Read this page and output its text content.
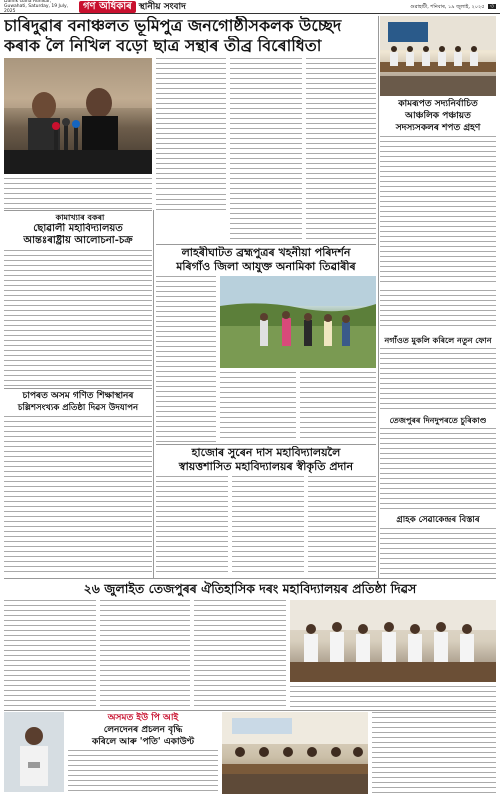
Dainik Gana Adhikar, Guwahati, Saturday, 19 July, 2025	গণ অধিকাৰ স্থানীয় সংবাদ	গুৱাহাটী, শনিবাৰ, ১৯ জুলাই, ২০২৫ ৩
চাৰিদুৱাৰ বনাঞ্চলত ভূমিপুত্ৰ জনগোষ্ঠীসকলক উচ্ছেদ
কৰাক লৈ নিখিল বড়ো ছাত্ৰ সন্থাৰ তীব্ৰ বিৰোধিতা
কামৰূপত সদ্যনিৰ্বাচিত
আঞ্চলিক পঞ্চায়ত
সদস্যসকলৰ শপত গ্ৰহণ
কামাখ্যাৰ বকৰা
ছোৱালী মহাবিদ্যালয়ত
আন্তঃৰাষ্ট্ৰীয় আলোচনা-চক্ৰ
চাপৰত অসম গণিত শিক্ষাস্থানৰ
চল্লিশসংখ্যক প্ৰতিষ্ঠা দিৱস উদযাপন
লাহৰীঘাটত ব্ৰহ্মপুত্ৰৰ খহনীয়া পৰিদৰ্শন
মৰিগাঁও জিলা আযুক্ত অনামিকা তিৱাৰীৰ
নগাঁওত মুকলি কৰিলে নতুন ফোন
তেজপুৰৰ দিনদুপৰতে চুৰিকাণ্ড
গ্ৰাহক সেৱাকেন্দ্ৰৰ বিস্তাৰ
হাজোৰ সুৰেন দাস মহাবিদ্যালয়লৈ
স্বায়ত্তশাসিত মহাবিদ্যালয়ৰ স্বীকৃতি প্ৰদান
২৬ জুলাইত তেজপুৰৰ ঐতিহাসিক দৰং মহাবিদ্যালয়ৰ প্ৰতিষ্ঠা দিৱস
অসমত ইউ পি আই
লেনদেনৰ প্ৰচলন বৃদ্ধি
কৰিলে আৰু 'পতি' একাউণ্ট
